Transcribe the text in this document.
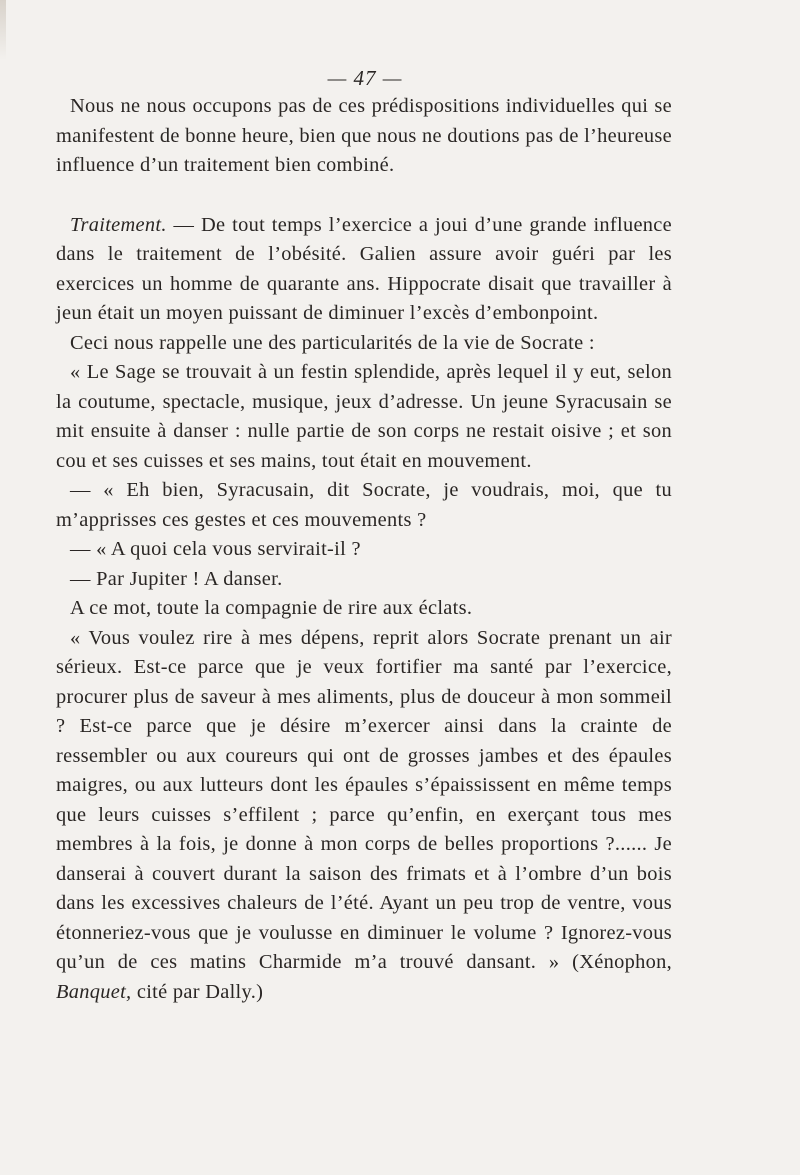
— 47 —

Nous ne nous occupons pas de ces prédispositions individuelles qui se manifestent de bonne heure, bien que nous ne doutions pas de l’heureuse influence d’un traitement bien combiné.

Traitement. — De tout temps l’exercice a joui d’une grande influence dans le traitement de l’obésité. Galien assure avoir guéri par les exercices un homme de quarante ans. Hippocrate disait que travailler à jeun était un moyen puissant de diminuer l’excès d’embonpoint.

Ceci nous rappelle une des particularités de la vie de Socrate :

« Le Sage se trouvait à un festin splendide, après lequel il y eut, selon la coutume, spectacle, musique, jeux d’adresse. Un jeune Syracusain se mit ensuite à danser : nulle partie de son corps ne restait oisive ; et son cou et ses cuisses et ses mains, tout était en mouvement.

— « Eh bien, Syracusain, dit Socrate, je voudrais, moi, que tu m’apprisses ces gestes et ces mouvements ?

— « A quoi cela vous servirait-il ?

— Par Jupiter ! A danser.

A ce mot, toute la compagnie de rire aux éclats.

« Vous voulez rire à mes dépens, reprit alors Socrate prenant un air sérieux. Est-ce parce que je veux fortifier ma santé par l’exercice, procurer plus de saveur à mes aliments, plus de douceur à mon sommeil ? Est-ce parce que je désire m’exercer ainsi dans la crainte de ressembler ou aux coureurs qui ont de grosses jambes et des épaules maigres, ou aux lutteurs dont les épaules s’épaississent en même temps que leurs cuisses s’effilent ; parce qu’enfin, en exerçant tous mes membres à la fois, je donne à mon corps de belles proportions ?...... Je danserai à couvert durant la saison des frimats et à l’ombre d’un bois dans les excessives chaleurs de l’été. Ayant un peu trop de ventre, vous étonneriez-vous que je voulusse en diminuer le volume ? Ignorez-vous qu’un de ces matins Charmide m’a trouvé dansant. » (Xénophon, Banquet, cité par Dally.)
